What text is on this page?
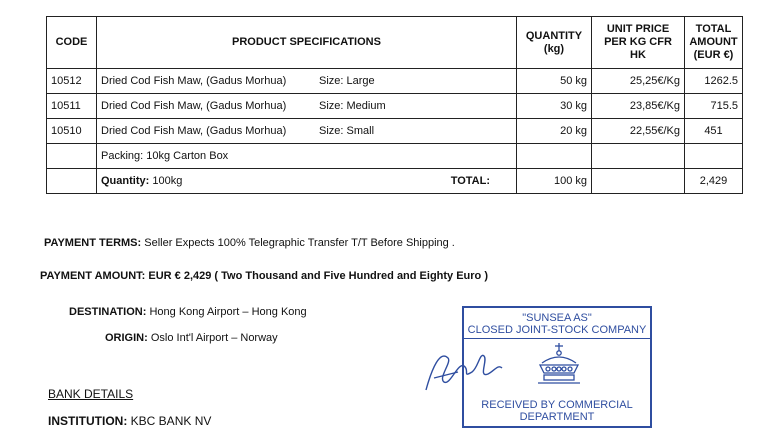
CODE	PRODUCT SPECIFICATIONS	QUANTITY (kg)	UNIT PRICE PER KG CFR HK	TOTAL AMOUNT (EUR €)
10512	Dried Cod Fish Maw, (Gadus Morhua) Size: Large	50 kg	25,25€/Kg	1262.5
10511	Dried Cod Fish Maw, (Gadus Morhua) Size: Medium	30 kg	23,85€/Kg	715.5
10510	Dried Cod Fish Maw, (Gadus Morhua) Size: Small	20 kg	22,55€/Kg	451
	Packing: 10kg Carton Box			
	Quantity: 100kg TOTAL:	100 kg		2,429
PAYMENT TERMS: Seller Expects 100% Telegraphic Transfer T/T Before Shipping .
PAYMENT AMOUNT: EUR € 2,429 ( Two Thousand and Five Hundred and Eighty Euro )
DESTINATION: Hong Kong Airport – Hong Kong
ORIGIN: Oslo Int'l Airport – Norway
BANK DETAILS
INSTITUTION: KBC BANK NV
"SUNSEA AS"
CLOSED JOINT-STOCK COMPANY
RECEIVED BY COMMERCIAL
DEPARTMENT
